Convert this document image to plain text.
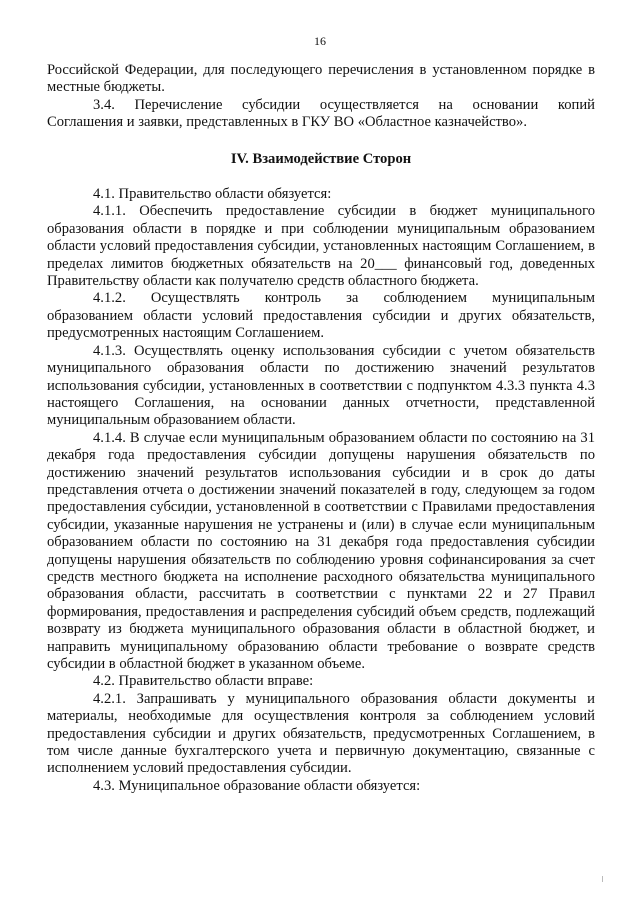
16

Российской Федерации, для последующего перечисления в установленном порядке в местные бюджеты.

3.4.    Перечисление    субсидии    осуществляется    на    основании    копий Соглашения и заявки, представленных в ГКУ ВО «Областное казначейство».

IV. Взаимодействие Сторон

4.1. Правительство области обязуется:

4.1.1. Обеспечить предоставление субсидии в бюджет муниципального образования области в порядке и при соблюдении муниципальным образованием области условий предоставления субсидии, установленных настоящим Соглашением, в пределах лимитов бюджетных обязательств на 20___ финансовый год, доведенных Правительству области как получателю средств областного бюджета.

4.1.2.      Осуществлять      контроль      за      соблюдением      муниципальным образованием области условий предоставления субсидии и других обязательств, предусмотренных настоящим Соглашением.

4.1.3. Осуществлять оценку использования субсидии с учетом обязательств муниципального образования области по достижению значений результатов использования субсидии, установленных в соответствии с подпунктом 4.3.3 пункта 4.3 настоящего Соглашения, на основании данных отчетности, представленной муниципальным образованием области.

4.1.4. В случае если муниципальным образованием области по состоянию на 31 декабря года предоставления субсидии допущены нарушения обязательств по достижению значений результатов использования субсидии и в срок до даты представления отчета о достижении значений показателей в году, следующем за годом предоставления субсидии, установленной в соответствии с Правилами предоставления субсидии, указанные нарушения не устранены и (или) в случае если муниципальным образованием области по состоянию на 31 декабря года предоставления субсидии допущены нарушения обязательств по соблюдению уровня софинансирования за счет средств местного бюджета на исполнение расходного обязательства муниципального образования области, рассчитать в соответствии с пунктами 22 и 27 Правил формирования, предоставления и распределения субсидий объем средств, подлежащий возврату из бюджета муниципального образования области в областной бюджет, и направить муниципальному образованию области требование о возврате средств субсидии в областной бюджет в указанном объеме.

4.2. Правительство области вправе:

4.2.1. Запрашивать у муниципального образования области документы и материалы, необходимые для осуществления контроля за соблюдением условий предоставления субсидии и других обязательств, предусмотренных Соглашением, в том числе данные бухгалтерского учета и первичную документацию, связанные с исполнением условий предоставления субсидии.

4.3. Муниципальное образование области обязуется:
